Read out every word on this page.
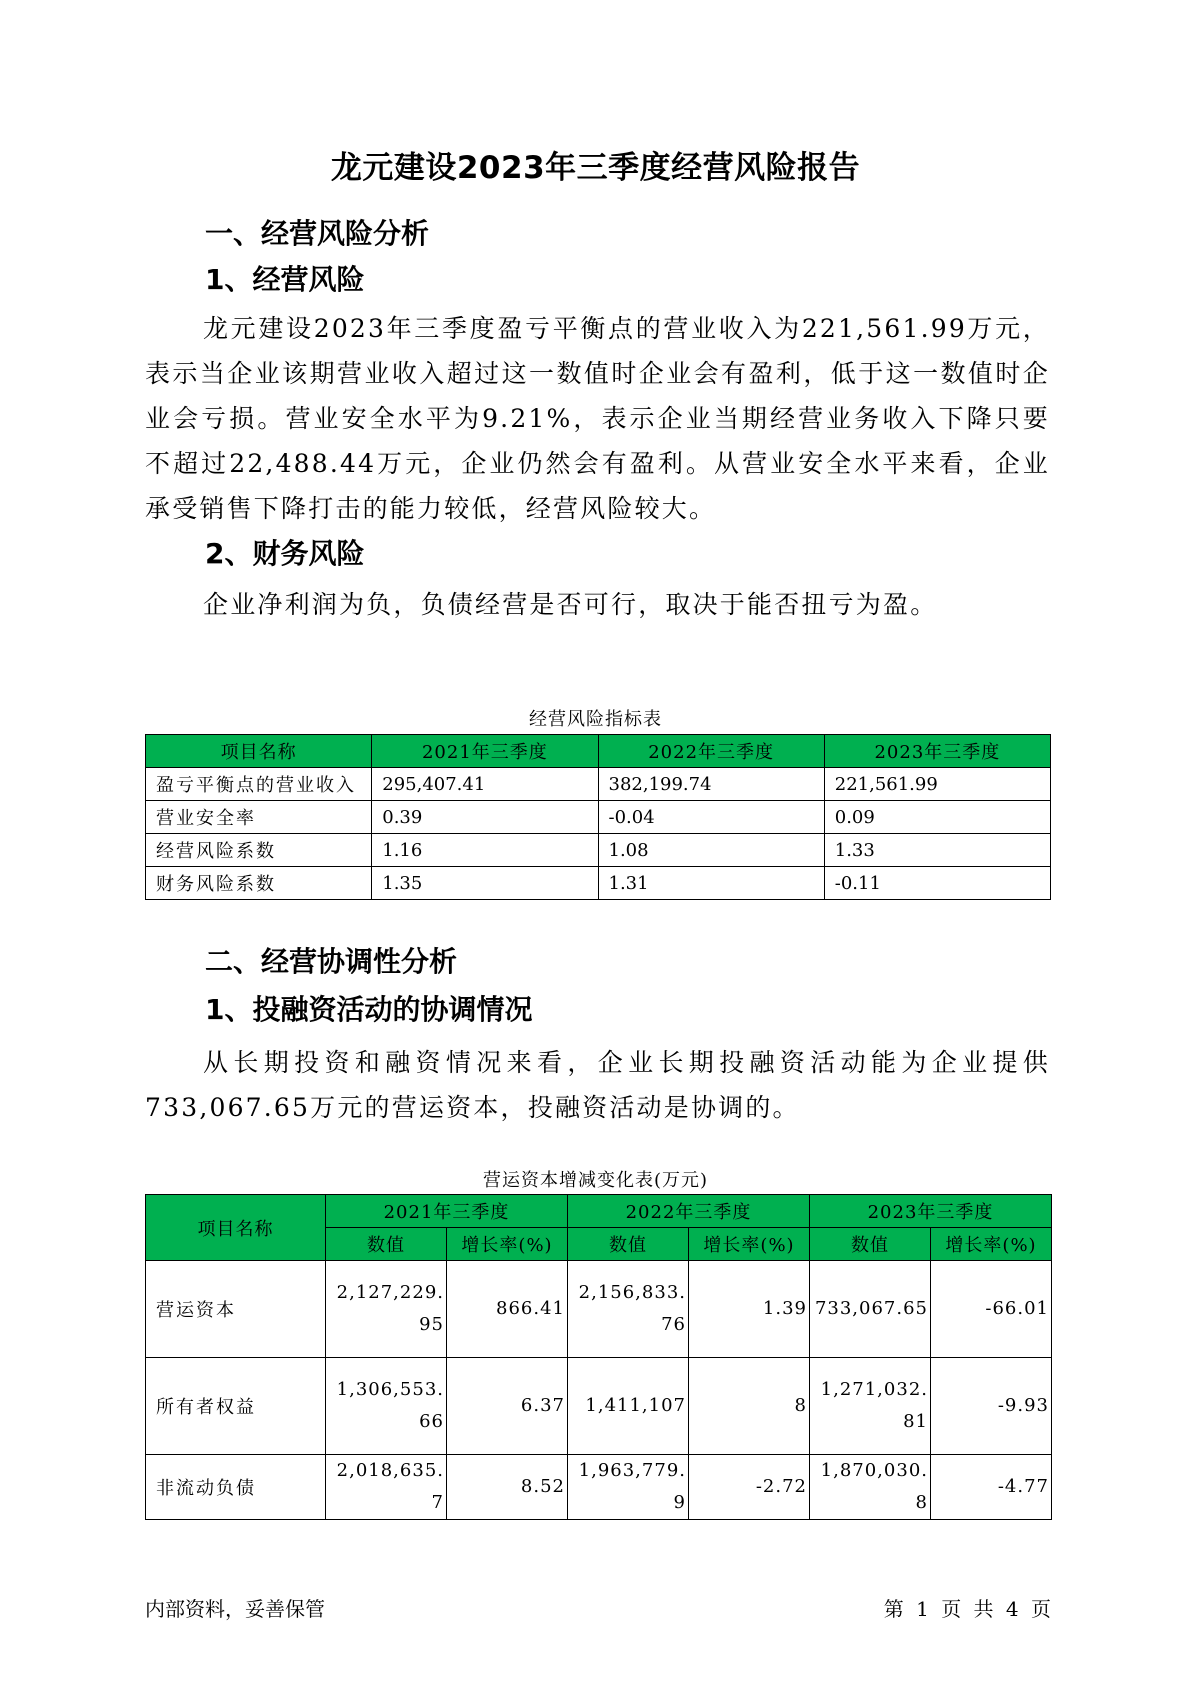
龙元建设2023年三季度经营风险报告
一、经营风险分析
1、经营风险

龙元建设2023年三季度盈亏平衡点的营业收入为221,561.99万元，表示当企业该期营业收入超过这一数值时企业会有盈利，低于这一数值时企业会亏损。营业安全水平为9.21%，表示企业当期经营业务收入下降只要不超过22,488.44万元，企业仍然会有盈利。从营业安全水平来看，企业承受销售下降打击的能力较低，经营风险较大。

2、财务风险

企业净利润为负，负债经营是否可行，取决于能否扭亏为盈。

经营风险指标表
项目名称	2021年三季度	2022年三季度	2023年三季度
盈亏平衡点的营业收入	295,407.41	382,199.74	221,561.99
营业安全率	0.39	-0.04	0.09
经营风险系数	1.16	1.08	1.33
财务风险系数	1.35	1.31	-0.11
二、经营协调性分析
1、投融资活动的协调情况

从长期投资和融资情况来看，企业长期投融资活动能为企业提供733,067.65万元的营运资本，投融资活动是协调的。

营运资本增减变化表(万元)
项目名称	2021年三季度		2022年三季度		2023年三季度	
	数值	增长率(%)	数值	增长率(%)	数值	增长率(%)
营运资本	2,127,229.95	866.41	2,156,833.76	1.39	733,067.65	-66.01
所有者权益	1,306,553.66	6.37	1,411,107	8	1,271,032.81	-9.93
非流动负债	2,018,635.7	8.52	1,963,779.9	-2.72	1,870,030.8	-4.77
内部资料，妥善保管	第 1 页 共 4 页
